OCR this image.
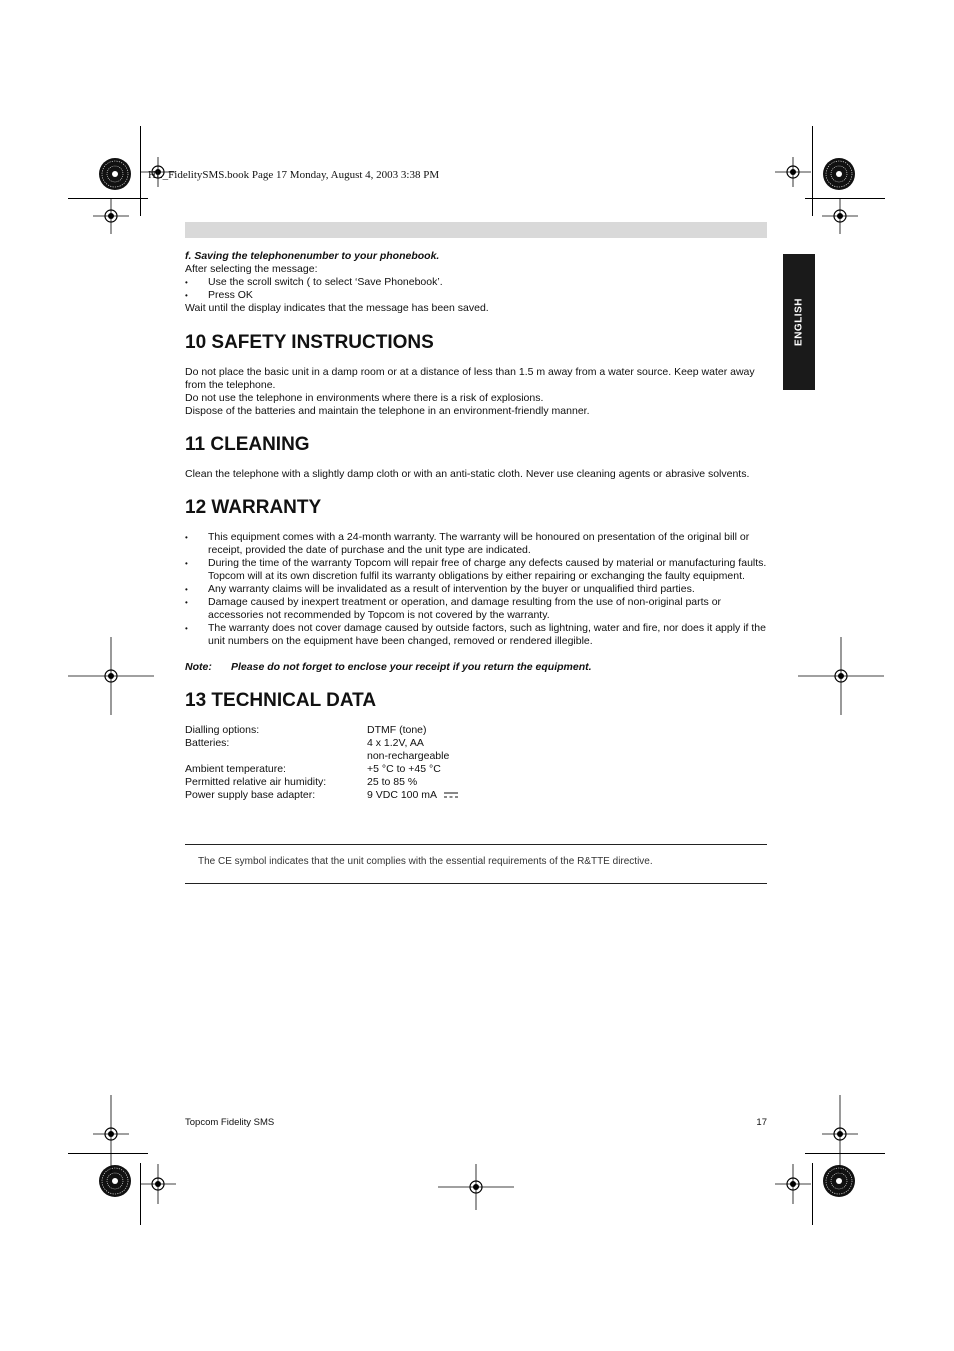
HL_FidelitySMS.book Page 17 Monday, August 4, 2003 3:38 PM
ENGLISH

f. Saving the telephonenumber to your phonebook.

After selecting the message:

• Use the scroll switch ( to select ‘Save Phonebook’.

• Press OK

Wait until the display indicates that the message has been saved.

10 SAFETY INSTRUCTIONS

Do not place the basic unit in a damp room or at a distance of less than 1.5 m away from a water source. Keep water away from the telephone.

Do not use the telephone in environments where there is a risk of explosions.

Dispose of the batteries and maintain the telephone in an environment-friendly manner.

11 CLEANING

Clean the telephone with a slightly damp cloth or with an anti-static cloth. Never use cleaning agents or abrasive solvents.

12 WARRANTY

• This equipment comes with a 24-month warranty. The warranty will be honoured on presentation of the original bill or receipt, provided the date of purchase and the unit type are indicated.

• During the time of the warranty Topcom will repair free of charge any defects caused by material or manufacturing faults. Topcom will at its own discretion fulfil its warranty obligations by either repairing or exchanging the faulty equipment.

• Any warranty claims will be invalidated as a result of intervention by the buyer or unqualified third parties.

• Damage caused by inexpert treatment or operation, and damage resulting from the use of non-original parts or accessories not recommended by Topcom is not covered by the warranty.

• The warranty does not cover damage caused by outside factors, such as lightning, water and fire, nor does it apply if the unit numbers on the equipment have been changed, removed or rendered illegible.

Note:	Please do not forget to enclose your receipt if you return the equipment.
13 TECHNICAL DATA
Dialling options:	DTMF (tone)
Batteries:	4 x 1.2V, AA
non-rechargeable
Ambient temperature:	+5 °C to +45 °C
Permitted relative air humidity:	25 to 85 %
Power supply base adapter:	9 VDC 100 mA
The CE symbol indicates that the unit complies with the essential requirements of the R&TTE directive.
Topcom Fidelity SMS	17
